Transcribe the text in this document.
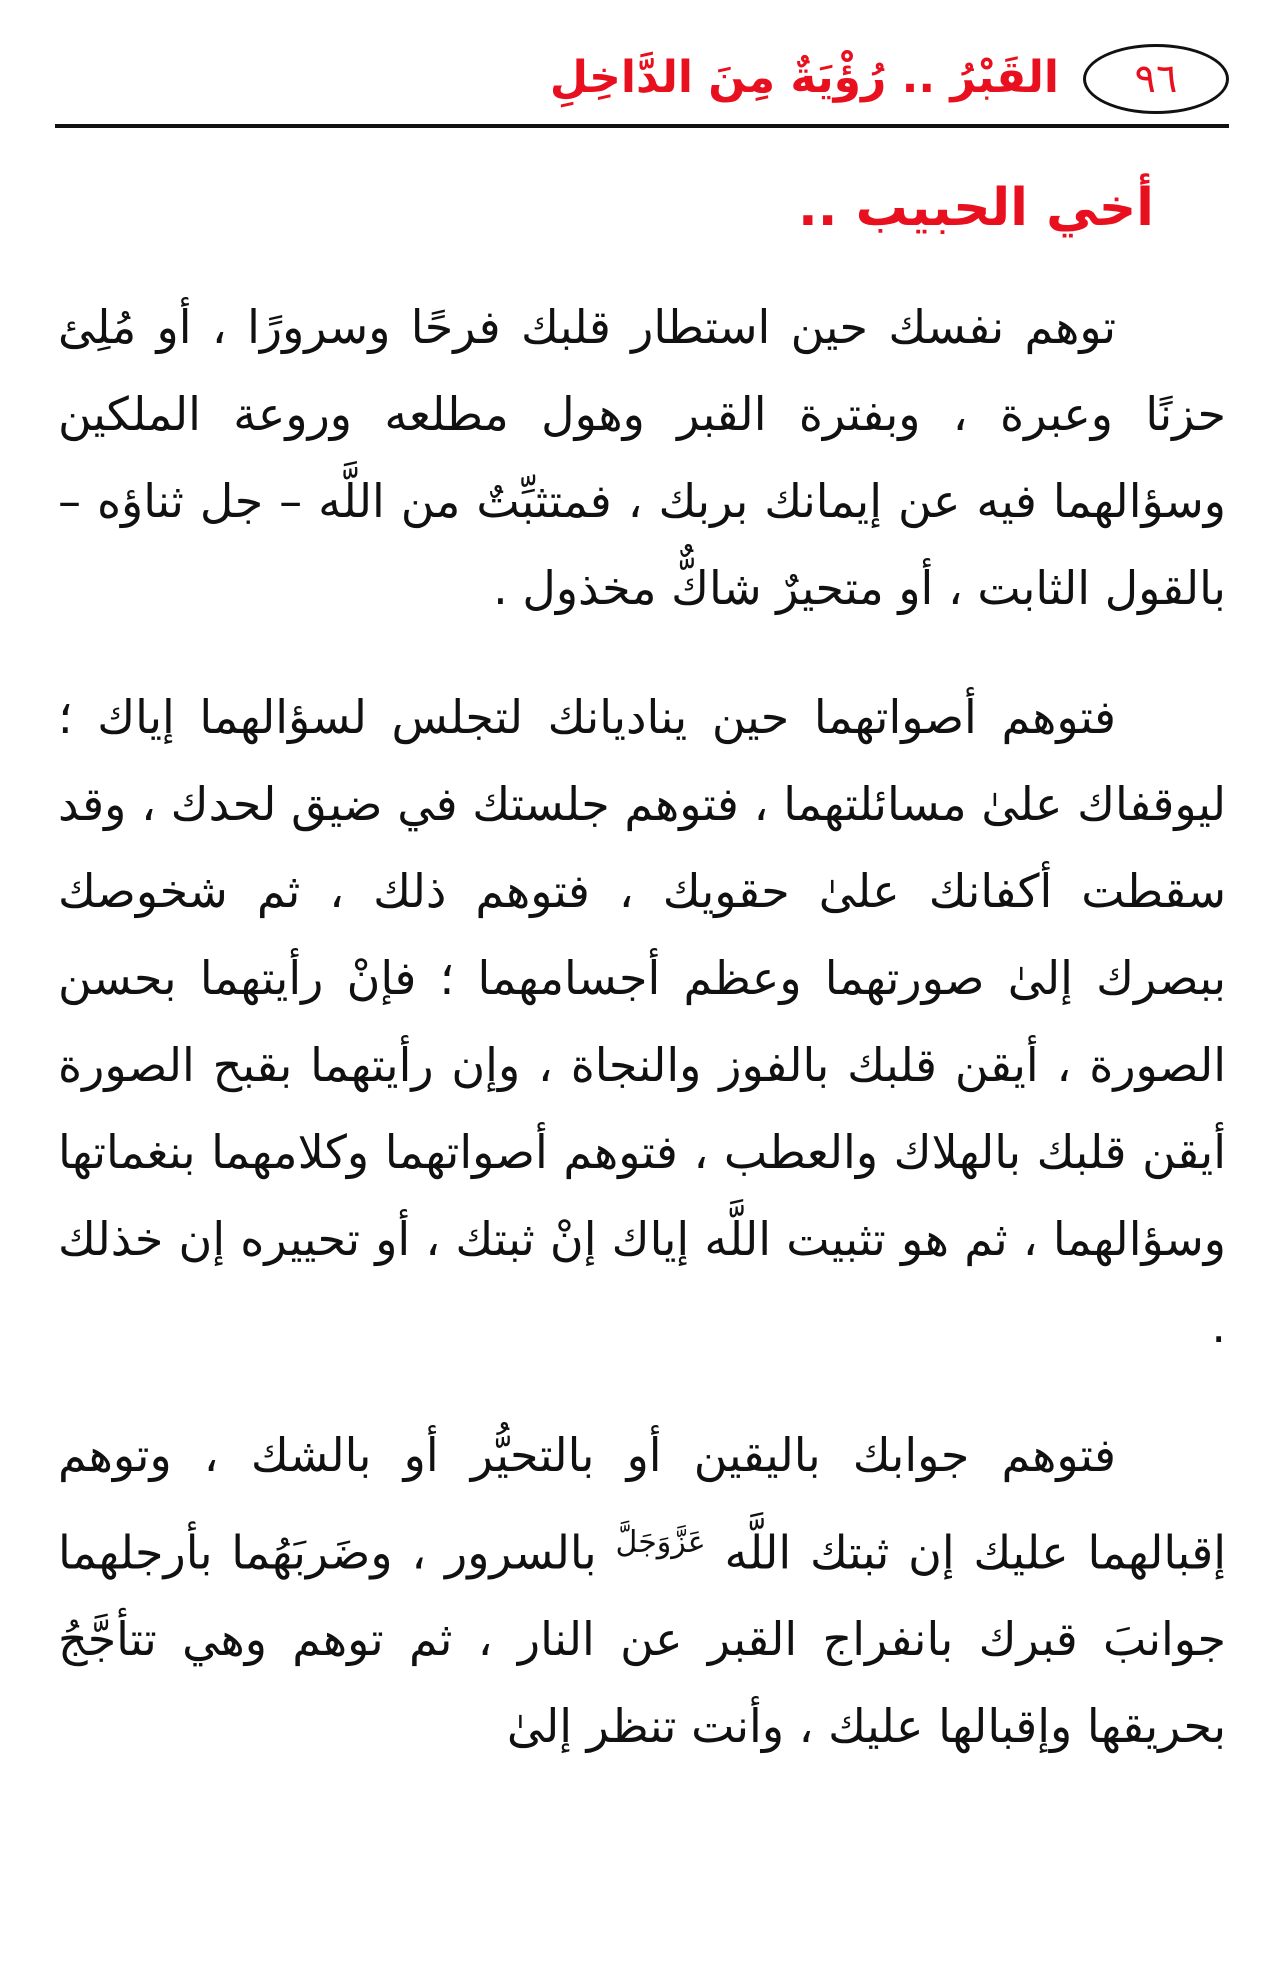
٩٦
القَبْرُ .. رُؤْيَةٌ مِنَ الدَّاخِلِ
أخي الحبيب ..

توهم نفسك حين استطار قلبك فرحًا وسرورًا ، أو مُلِئ حزنًا وعبرة ، وبفترة القبر وهول مطلعه وروعة الملكين وسؤالهما فيه عن إيمانك بربك ، فمتثبِّتٌ من اللَّه – جل ثناؤه – بالقول الثابت ، أو متحيرٌ شاكٌّ مخذول .

فتوهم أصواتهما حين يناديانك لتجلس لسؤالهما إياك ؛ ليوقفاك علىٰ مسائلتهما ، فتوهم جلستك في ضيق لحدك ، وقد سقطت أكفانك علىٰ حقويك ، فتوهم ذلك ، ثم شخوصك ببصرك إلىٰ صورتهما وعظم أجسامهما ؛ فإنْ رأيتهما بحسن الصورة ، أيقن قلبك بالفوز والنجاة ، وإن رأيتهما بقبح الصورة أيقن قلبك بالهلاك والعطب ، فتوهم أصواتهما وكلامهما بنغماتها وسؤالهما ، ثم هو تثبيت اللَّه إياك إنْ ثبتك ، أو تحييره إن خذلك .

فتوهم جوابك باليقين أو بالتحيُّر أو بالشك ، وتوهم إقبالهما عليك إن ثبتك اللَّه $^{عَزَّوَجَلَّ}$ بالسرور ، وضَربَهُما بأرجلهما جوانبَ قبرك بانفراج القبر عن النار ، ثم توهم وهي تتأجَّجُ بحريقها وإقبالها عليك ، وأنت تنظر إلىٰ
